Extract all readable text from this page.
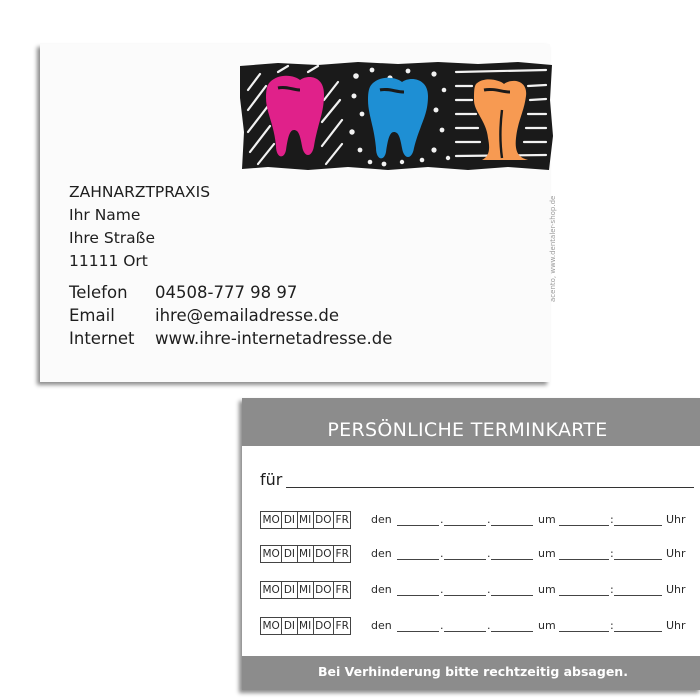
ZAHNARZTPRAXIS
Ihr Name
Ihre Straße
11111 Ort
Telefon	04508-777 98 97
Email	ihre@emailadresse.de
Internet	www.ihre-internetadresse.de
acento, www.dentaler-shop.de
PERSÖNLICHE TERMINKARTE
für
MO DI MI DO FR den	.	.	um	:	Uhr
MO DI MI DO FR den	.	.	um	:	Uhr
MO DI MI DO FR den	.	.	um	:	Uhr
MO DI MI DO FR den	.	.	um	:	Uhr
Bei Verhinderung bitte rechtzeitig absagen.
